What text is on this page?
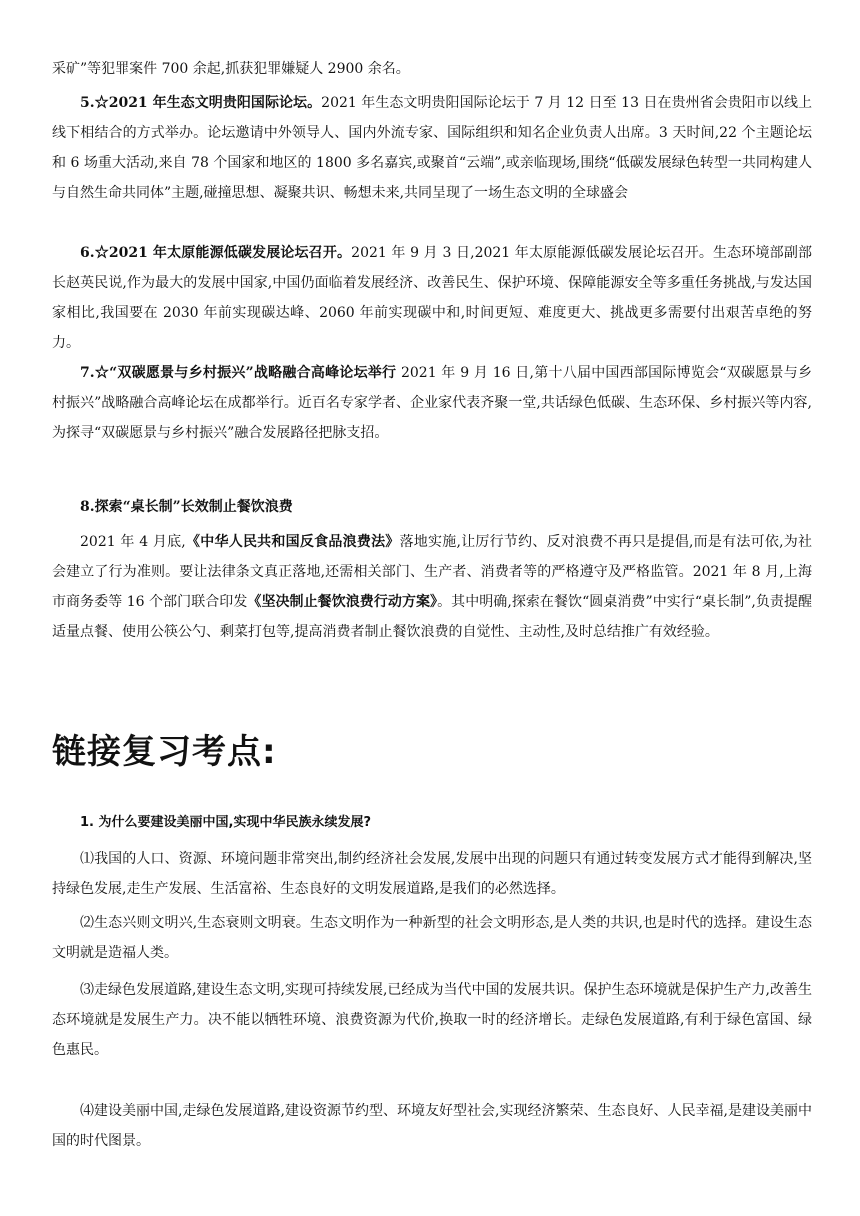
采矿”等犯罪案件 700 余起,抓获犯罪嫌疑人 2900 余名。

5.☆2021 年生态文明贵阳国际论坛。2021 年生态文明贵阳国际论坛于 7 月 12 日至 13 日在贵州省会贵阳市以线上线下相结合的方式举办。论坛邀请中外领导人、国内外流专家、国际组织和知名企业负责人出席。3 天时间,22 个主题论坛和 6 场重大活动,来自 78 个国家和地区的 1800 多名嘉宾,或聚首“云端”,或亲临现场,围绕“低碳发展绿色转型一共同构建人与自然生命共同体”主题,碰撞思想、凝聚共识、畅想未来,共同呈现了一场生态文明的全球盛会

6.☆2021 年太原能源低碳发展论坛召开。2021 年 9 月 3 日,2021 年太原能源低碳发展论坛召开。生态环境部副部长赵英民说,作为最大的发展中国家,中国仍面临着发展经济、改善民生、保护环境、保障能源安全等多重任务挑战,与发达国家相比,我国要在 2030 年前实现碳达峰、2060 年前实现碳中和,时间更短、难度更大、挑战更多需要付出艰苦卓绝的努力。

7.☆“双碳愿景与乡村振兴”战略融合高峰论坛举行 2021 年 9 月 16 日,第十八届中国西部国际博览会“双碳愿景与乡村振兴”战略融合高峰论坛在成都举行。近百名专家学者、企业家代表齐聚一堂,共话绿色低碳、生态环保、乡村振兴等内容,为探寻“双碳愿景与乡村振兴”融合发展路径把脉支招。

8.探索“桌长制”长效制止餐饮浪费

2021 年 4 月底,《中华人民共和国反食品浪费法》落地实施,让厉行节约、反对浪费不再只是提倡,而是有法可依,为社会建立了行为准则。要让法律条文真正落地,还需相关部门、生产者、消费者等的严格遵守及严格监管。2021 年 8 月,上海市商务委等 16 个部门联合印发《坚决制止餐饮浪费行动方案》。其中明确,探索在餐饮“圆桌消费”中实行“桌长制”,负责提醒适量点餐、使用公筷公勺、剩菜打包等,提高消费者制止餐饮浪费的自觉性、主动性,及时总结推广有效经验。

链接复习考点:

1. 为什么要建设美丽中国,实现中华民族永续发展?

⑴我国的人口、资源、环境问题非常突出,制约经济社会发展,发展中出现的问题只有通过转变发展方式才能得到解决,坚持绿色发展,走生产发展、生活富裕、生态良好的文明发展道路,是我们的必然选择。

⑵生态兴则文明兴,生态衰则文明衰。生态文明作为一种新型的社会文明形态,是人类的共识,也是时代的选择。建设生态文明就是造福人类。

⑶走绿色发展道路,建设生态文明,实现可持续发展,已经成为当代中国的发展共识。保护生态环境就是保护生产力,改善生态环境就是发展生产力。决不能以牺牲环境、浪费资源为代价,换取一时的经济增长。走绿色发展道路,有利于绿色富国、绿色惠民。

⑷建设美丽中国,走绿色发展道路,建设资源节约型、环境友好型社会,实现经济繁荣、生态良好、人民幸福,是建设美丽中国的时代图景。
